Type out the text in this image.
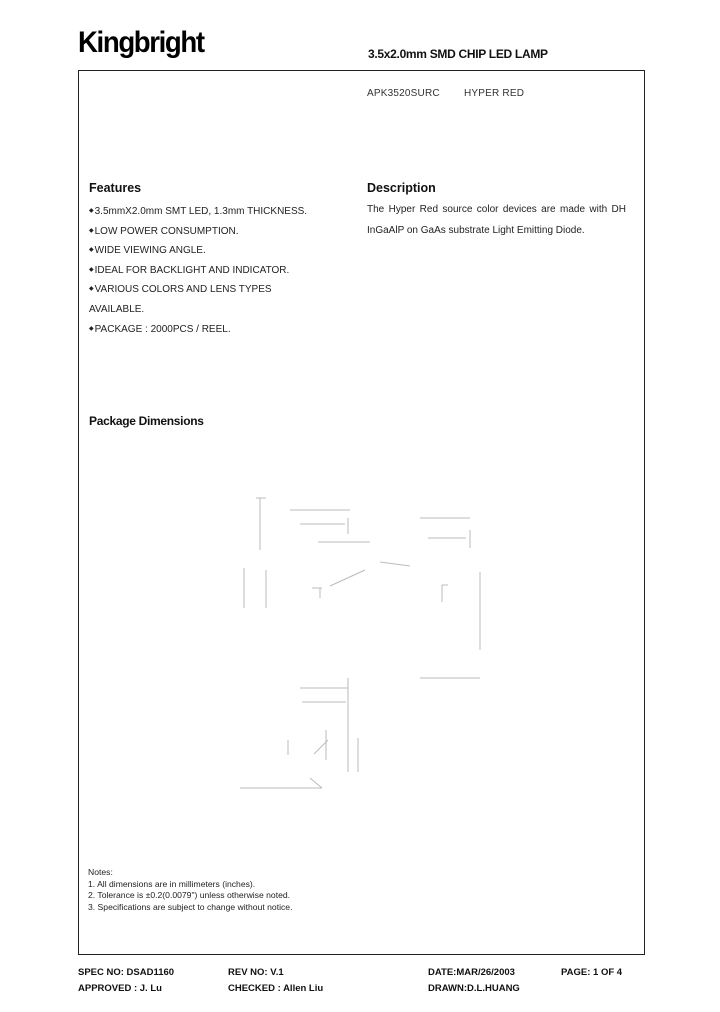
Kingbright	3.5x2.0mm SMD CHIP LED LAMP
APK3520SURC HYPER RED
Features
◆ 3.5mmX2.0mm SMT LED, 1.3mm THICKNESS.
◆ LOW POWER CONSUMPTION.
◆ WIDE VIEWING ANGLE.
◆ IDEAL FOR BACKLIGHT AND INDICATOR.
◆ VARIOUS COLORS AND LENS TYPES
AVAILABLE.
◆ PACKAGE : 2000PCS / REEL.
Description
The Hyper Red source color devices are made with DH InGaAlP on GaAs substrate Light Emitting Diode.
Package Dimensions
Notes:
1. All dimensions are in millimeters (inches).
2. Tolerance is ±0.2(0.0079") unless otherwise noted.
3. Specifications are subject to change without notice.
SPEC NO: DSAD1160	REV NO: V.1	DATE:MAR/26/2003	PAGE: 1 OF 4
APPROVED : J. Lu	CHECKED : Allen Liu	DRAWN:D.L.HUANG
